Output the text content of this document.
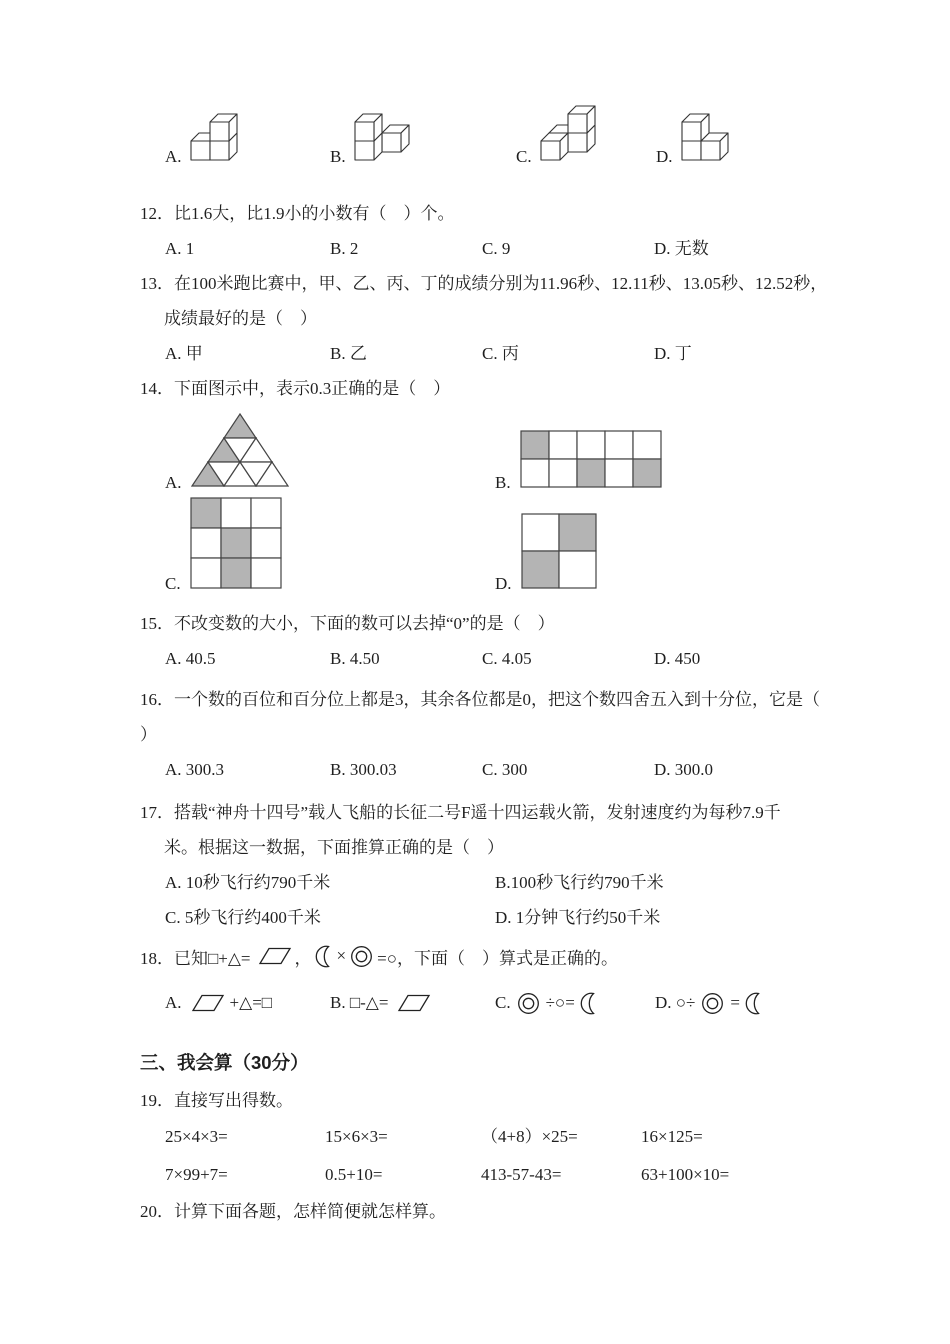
A.	B.	C.	D.
12．比1.6大，比1.9小的小数有（　）个。
A. 1	B. 2	C. 9	D. 无数
13．在100米跑比赛中，甲、乙、丙、丁的成绩分别为11.96秒、12.11秒、13.05秒、12.52秒，
成绩最好的是（　）
A. 甲	B. 乙	C. 丙	D. 丁
14．下面图示中，表示0.3正确的是（　）
A.	B.
C.	D.
15．不改变数的大小，下面的数可以去掉“0”的是（　）
A. 40.5	B. 4.50	C. 4.05	D. 450
16．一个数的百位和百分位上都是3，其余各位都是0，把这个数四舍五入到十分位，它是（
）
A. 300.3	B. 300.03	C. 300	D. 300.0
17．搭载“神舟十四号”载人飞船的长征二号F遥十四运载火箭，发射速度约为每秒7.9千
米。根据这一数据，下面推算正确的是（　）
A. 10秒飞行约790千米	B.100秒飞行约790千米
C. 5秒飞行约400千米	D. 1分钟飞行约50千米
18．已知□+△=	， × =○，下面（　）算式是正确的。
A.	+△=□	B. □-△=	C. ÷○=	D. ○÷ =
三、我会算（30分）
19．直接写出得数。
25×4×3=	15×6×3=	（4+8）×25=	16×125=
7×99+7=	0.5+10=	413-57-43=	63+100×10=
20．计算下面各题，怎样简便就怎样算。
